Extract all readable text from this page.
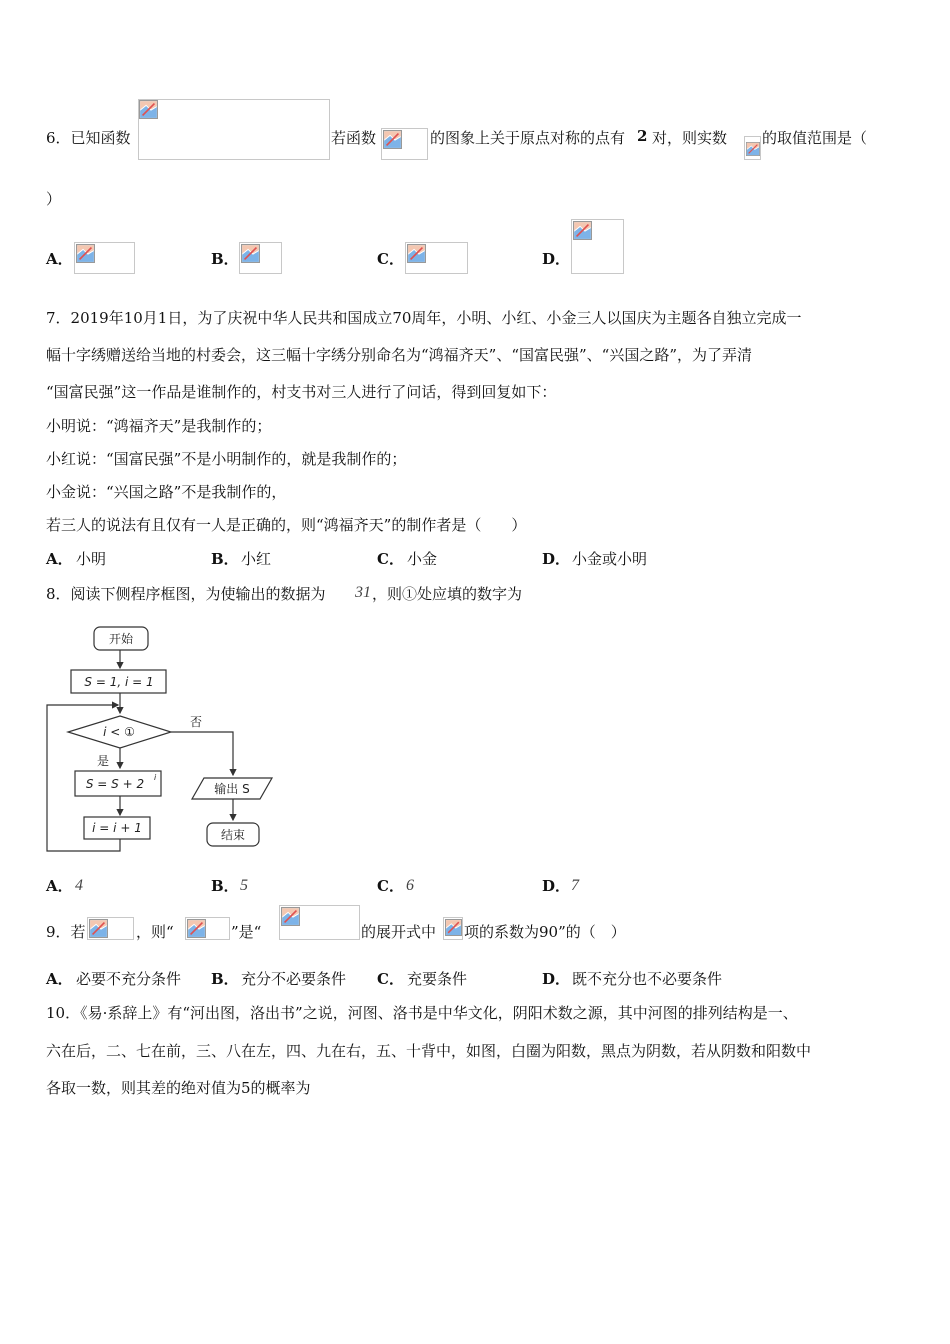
6．已知函数	若函数	的图象上关于原点对称的点有 2 对，则实数 的取值范围是（
）
A．	B．	C．	D．
7．2019年10月1日，为了庆祝中华人民共和国成立70周年，小明、小红、小金三人以国庆为主题各自独立完成一
幅十字绣赠送给当地的村委会，这三幅十字绣分别命名为“鸿福齐天”、“国富民强”、“兴国之路”，为了弄清
“国富民强”这一作品是谁制作的，村支书对三人进行了问话，得到回复如下：
小明说：“鸿福齐天”是我制作的；
小红说：“国富民强”不是小明制作的，就是我制作的；
小金说：“兴国之路”不是我制作的，
若三人的说法有且仅有一人是正确的，则“鸿福齐天”的制作者是（　　）
A． 小明	B． 小红	C． 小金	D． 小金或小明
8．阅读下侧程序框图，为使输出的数据为 31 ，则①处应填的数字为
开始
S = 1, i = 1
i < ①
否
是
S = S + 2 i
i = i + 1
输出 S
结束
A． 4	B． 5	C． 6	D． 7
9．若	，则“	”是“	的展开式中 项的系数为90”的（　）
A． 必要不充分条件 B． 充分不必要条件 C． 充要条件	D． 既不充分也不必要条件
10．《易·系辞上》有“河出图，洛出书”之说，河图、洛书是中华文化，阴阳术数之源，其中河图的排列结构是一、
六在后，二、七在前，三、八在左，四、九在右，五、十背中，如图，白圈为阳数，黑点为阴数，若从阴数和阳数中
各取一数，则其差的绝对值为5的概率为
